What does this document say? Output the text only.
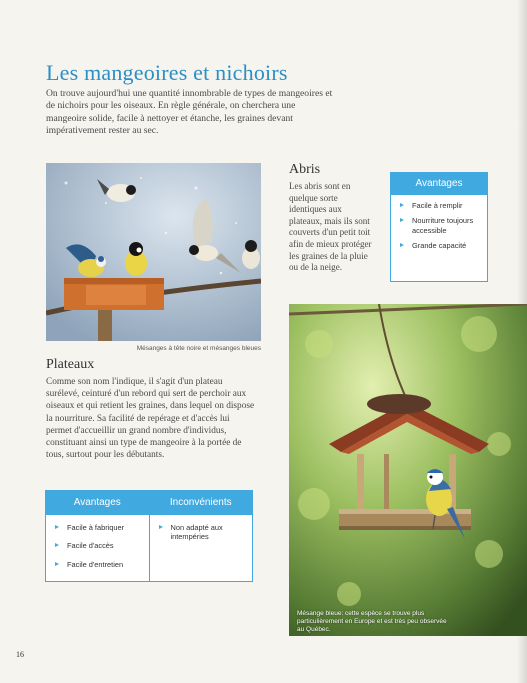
Les mangeoires et nichoirs

On trouve aujourd'hui une quantité innombrable de types de mangeoires et de nichoirs pour les oiseaux. En règle générale, on cherchera une mangeoire solide, facile à nettoyer et étanche, les graines devant impérativement rester au sec.

Mésanges à tête noire et mésanges bleues
Plateaux

Comme son nom l'indique, il s'agit d'un plateau surélevé, ceinturé d'un rebord qui sert de perchoir aux oiseaux et qui retient les graines, dans lequel on dispose la nourriture. Sa facilité de repérage et d'accès lui permet d'accueillir un grand nombre d'individus, constituant ainsi un type de mangeoire à la portée de tous, surtout pour les débutants.

Avantages
Facile à fabriquer
Facile d'accès
Facile d'entretien
Inconvénients
Non adapté aux intempéries
Abris

Les abris sont en quelque sorte identiques aux plateaux, mais ils sont couverts d'un petit toit afin de mieux protéger les graines de la pluie ou de la neige.

Avantages
Facile à remplir
Nourriture toujours accessible
Grande capacité
Mésange bleue: cette espèce se trouve plus particulièrement en Europe et est très peu observée au Québec.
16
